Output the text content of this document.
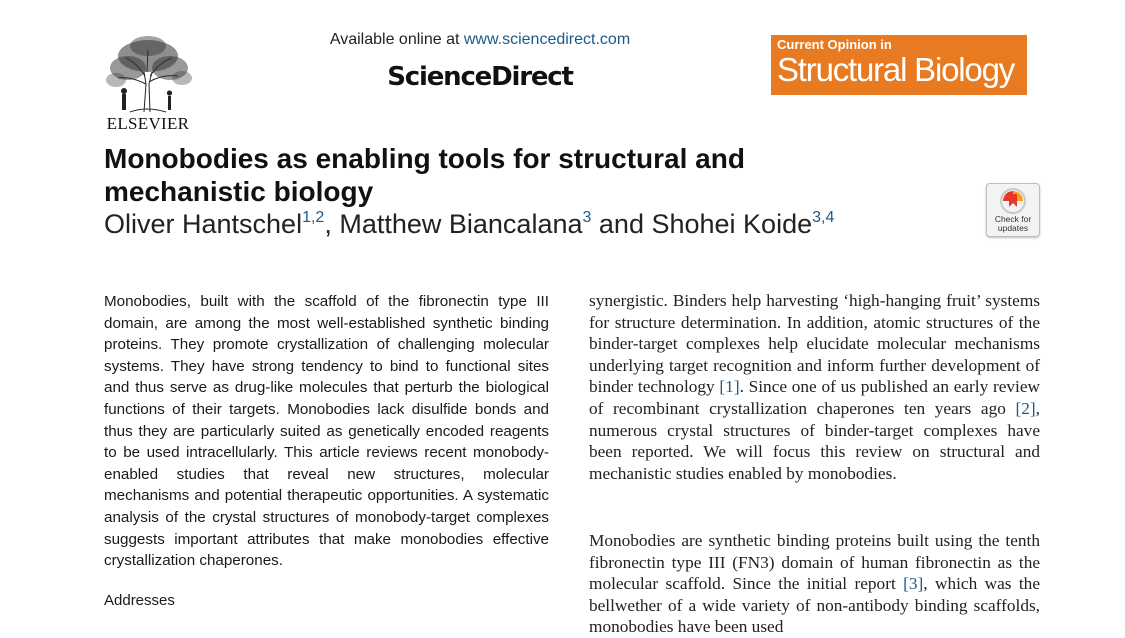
ELSEVIER
Available online at www.sciencedirect.com
ScienceDirect
Current Opinion in
Structural Biology
Monobodies as enabling tools for structural and mechanistic biology
Oliver Hantschel$^{1,2}$, Matthew Biancalana$^3$ and Shohei Koide$^{3,4}$	Check for
updates

Monobodies, built with the scaffold of the fibronectin type III domain, are among the most well-established synthetic binding proteins. They promote crystallization of challenging molecular systems. They have strong tendency to bind to functional sites and thus serve as drug-like molecules that perturb the biological functions of their targets. Monobodies lack disulfide bonds and thus they are particularly suited as genetically encoded reagents to be used intracellularly. This article reviews recent monobody-enabled studies that reveal new structures, molecular mechanisms and potential therapeutic opportunities. A systematic analysis of the crystal structures of monobody-target complexes suggests important attributes that make monobodies effective crystallization chaperones.

Addresses

synergistic. Binders help harvesting ‘high-hanging fruit’ systems for structure determination. In addition, atomic structures of the binder-target complexes help elucidate molecular mechanisms underlying target recognition and inform further development of binder technology [1]. Since one of us published an early review of recombinant crystallization chaperones ten years ago [2], numerous crystal structures of binder-target complexes have been reported. We will focus this review on structural and mechanistic studies enabled by monobodies.

Monobodies are synthetic binding proteins built using the tenth fibronectin type III (FN3) domain of human fibronectin as the molecular scaffold. Since the initial report [3], which was the bellwether of a wide variety of non-antibody binding scaffolds, monobodies have been used
